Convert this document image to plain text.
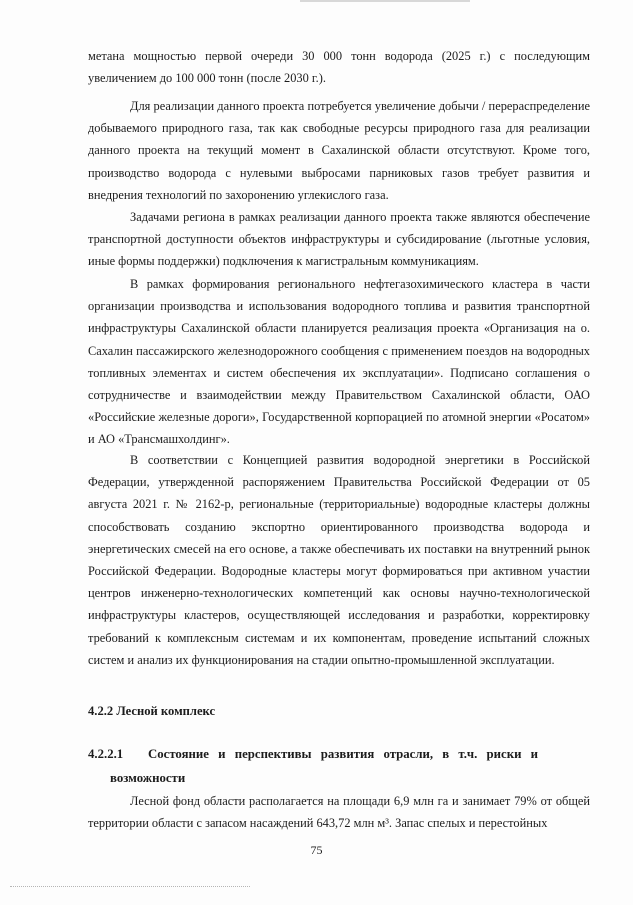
метана мощностью первой очереди 30 000 тонн водорода (2025 г.) с последующим увеличением до 100 000 тонн (после 2030 г.).

Для реализации данного проекта потребуется увеличение добычи / перераспределение добываемого природного газа, так как свободные ресурсы природного газа для реализации данного проекта на текущий момент в Сахалинской области отсутствуют. Кроме того, производство водорода с нулевыми выбросами парниковых газов требует развития и внедрения технологий по захоронению углекислого газа.

Задачами региона в рамках реализации данного проекта также являются обеспечение транспортной доступности объектов инфраструктуры и субсидирование (льготные условия, иные формы поддержки) подключения к магистральным коммуникациям.

В рамках формирования регионального нефтегазохимического кластера в части организации производства и использования водородного топлива и развития транспортной инфраструктуры Сахалинской области планируется реализация проекта «Организация на о. Сахалин пассажирского железнодорожного сообщения с применением поездов на водородных топливных элементах и систем обеспечения их эксплуатации». Подписано соглашения о сотрудничестве и взаимодействии между Правительством Сахалинской области, ОАО «Российские железные дороги», Государственной корпорацией по атомной энергии «Росатом» и АО «Трансмашхолдинг».

В соответствии с Концепцией развития водородной энергетики в Российской Федерации, утвержденной распоряжением Правительства Российской Федерации от 05 августа 2021 г. № 2162-р, региональные (территориальные) водородные кластеры должны способствовать созданию экспортно ориентированного производства водорода и энергетических смесей на его основе, а также обеспечивать их поставки на внутренний рынок Российской Федерации. Водородные кластеры могут формироваться при активном участии центров инженерно-технологических компетенций как основы научно-технологической инфраструктуры кластеров, осуществляющей исследования и разработки, корректировку требований к комплексным системам и их компонентам, проведение испытаний сложных систем и анализ их функционирования на стадии опытно-промышленной эксплуатации.

4.2.2 Лесной комплекс
4.2.2.1	Состояние и перспективы развития отрасли, в т.ч. риски и
возможности

Лесной фонд области располагается на площади 6,9 млн га и занимает 79% от общей территории области с запасом насаждений 643,72 млн м³. Запас спелых и перестойных

75
